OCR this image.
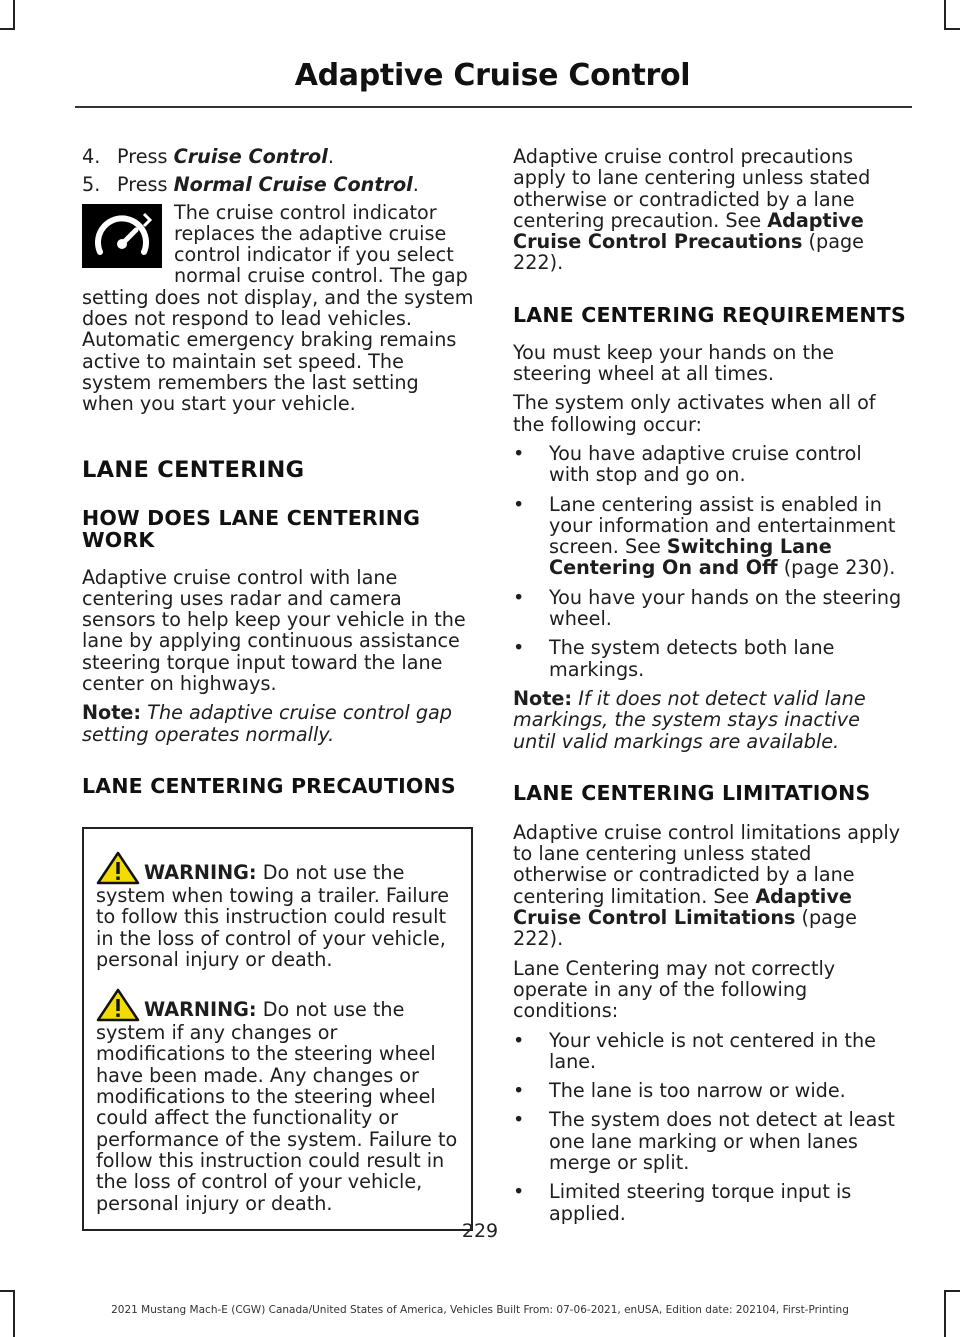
Adaptive Cruise Control

4. Press Cruise Control.

5. Press Normal Cruise Control.

The cruise control indicator replaces the adaptive cruise control indicator if you select normal cruise control. The gap setting does not display, and the system does not respond to lead vehicles. Automatic emergency braking remains active to maintain set speed. The system remembers the last setting when you start your vehicle.

LANE CENTERING

HOW DOES LANE CENTERING WORK

Adaptive cruise control with lane centering uses radar and camera sensors to help keep your vehicle in the lane by applying continuous assistance steering torque input toward the lane center on highways.

Note: The adaptive cruise control gap setting operates normally.

LANE CENTERING PRECAUTIONS

WARNING: Do not use the system when towing a trailer. Failure to follow this instruction could result in the loss of control of your vehicle, personal injury or death.

WARNING: Do not use the system if any changes or modifications to the steering wheel have been made. Any changes or modifications to the steering wheel could affect the functionality or performance of the system. Failure to follow this instruction could result in the loss of control of your vehicle, personal injury or death.

Adaptive cruise control precautions apply to lane centering unless stated otherwise or contradicted by a lane centering precaution. See Adaptive Cruise Control Precautions (page 222).

LANE CENTERING REQUIREMENTS

You must keep your hands on the steering wheel at all times.

The system only activates when all of the following occur:

• You have adaptive cruise control with stop and go on.

• Lane centering assist is enabled in your information and entertainment screen. See Switching Lane Centering On and Off (page 230).

• You have your hands on the steering wheel.

• The system detects both lane markings.

Note: If it does not detect valid lane markings, the system stays inactive until valid markings are available.

LANE CENTERING LIMITATIONS

Adaptive cruise control limitations apply to lane centering unless stated otherwise or contradicted by a lane centering limitation. See Adaptive Cruise Control Limitations (page 222).

Lane Centering may not correctly operate in any of the following conditions:

• Your vehicle is not centered in the lane.

• The lane is too narrow or wide.

• The system does not detect at least one lane marking or when lanes merge or split.

• Limited steering torque input is applied.

229
2021 Mustang Mach-E (CGW) Canada/United States of America, Vehicles Built From: 07-06-2021, enUSA, Edition date: 202104, First-Printing
